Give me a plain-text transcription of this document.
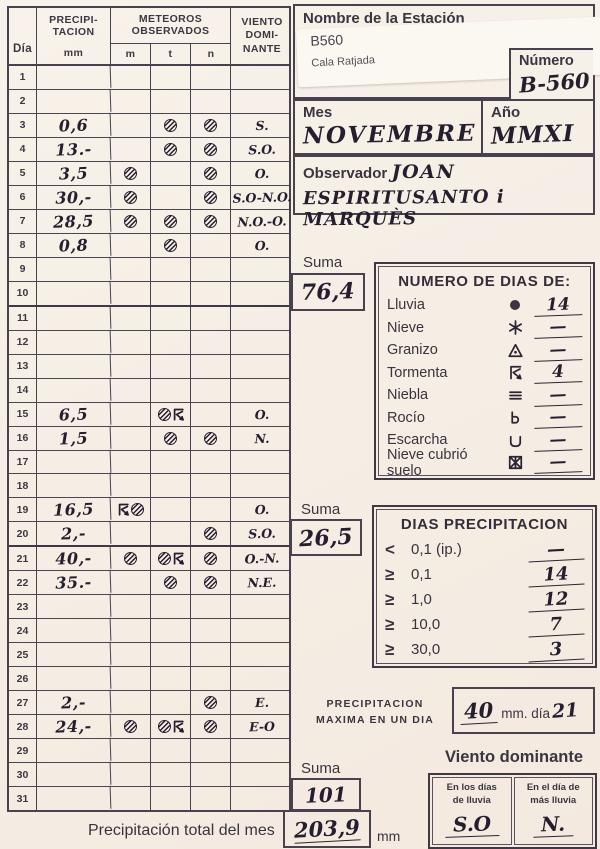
Día
PRECIPI-
TACION
mm
METEOROS
OBSERVADOS
m	t	n
VIENTO
DOMI-
NANTE
1
2
3	0,6	S.
4	13.-	S.O.
5	3,5	O.
6	30,-	S.O-N.O.
7	28,5	N.O.-O.
8	0,8	O.
9
10
11
12
13
14
15	6,5	O.
16	1,5	N.
17
18
19	16,5	O.
20	2,-	S.O.
21	40,-	O.-N.
22	35.-	N.E.
23
24
25
26
27	2,-	E.
28	24,-	E-O
29
30
31
Nombre de la Estación
B560
Cala Ratjada	Número
B-560
Mes
NOVEMBRE
Año
MMXI
Observador JOAN
ESPIRITUSANTO i MARQUÈS
Suma
76,4
Suma
26,5
Suma
101
NUMERO DE DIAS DE:
Lluvia	14
Nieve	—
Granizo	—
Tormenta	4
Niebla	—
Rocío	—
Escarcha	—
Nieve cubrió suelo	—
DIAS PRECIPITACION
<	0,1 (ip.)	—
≥	0,1	14
≥	1,0	12
≥	10,0	7
≥	30,0	3
PRECIPITACION
MAXIMA EN UN DIA	40 mm. día 21
Viento dominante
En los días
de lluvia
S.O
En el día de
más lluvia
N.
Precipitación total del mes 203,9 mm
